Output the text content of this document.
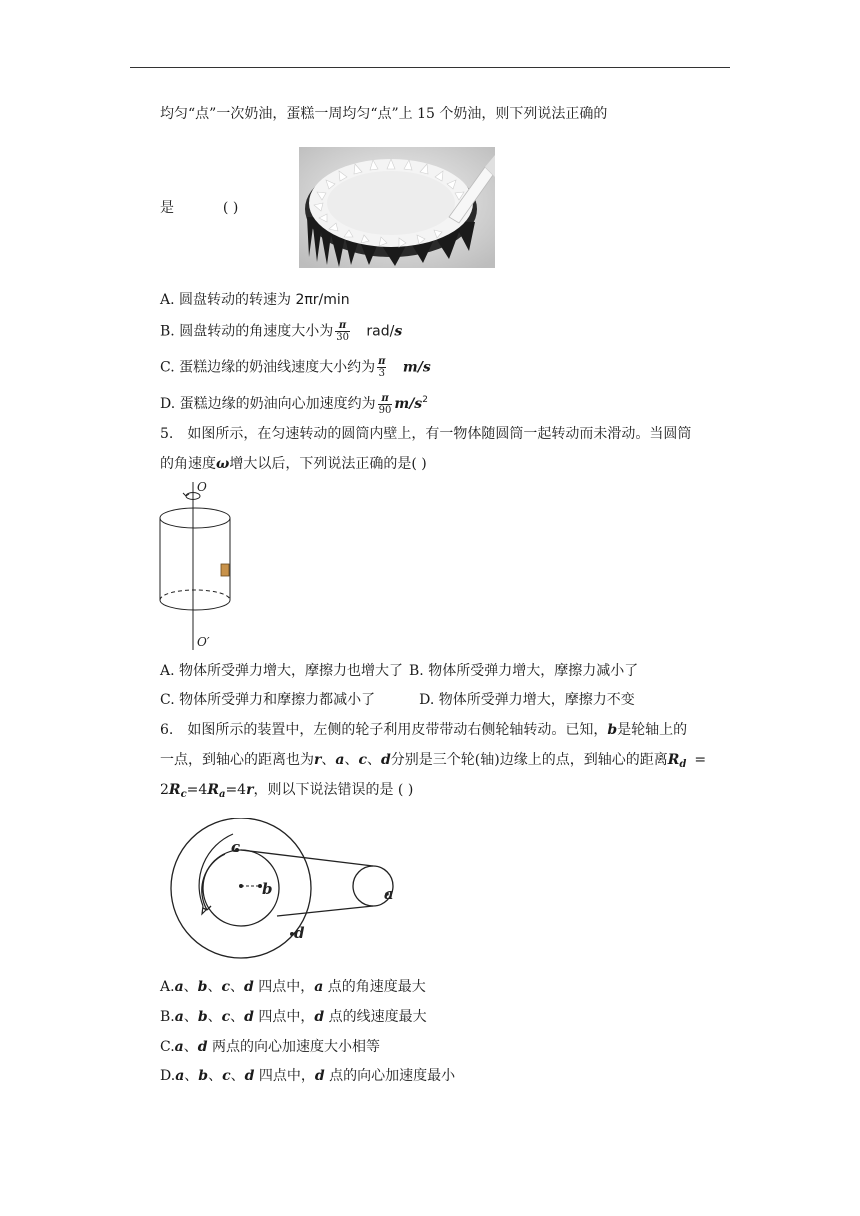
均匀“点”一次奶油，蛋糕一周均匀“点”上 15 个奶油，则下列说法正确的
是	( )
A. 圆盘转动的转速为 2πr/min
B. 圆盘转动的角速度大小为 $\frac{\pi}{30} rad/s$
C. 蛋糕边缘的奶油线速度大小约为 $\frac{\pi}{3} m/s$
D. 蛋糕边缘的奶油向心加速度约为 $\frac{\pi}{90} m/s^2$
5. 如图所示，在匀速转动的圆筒内壁上，有一物体随圆筒一起转动而未滑动。当圆筒
的角速度ω增大以后，下列说法正确的是( )
O
O′
A. 物体所受弹力增大，摩擦力也增大了 B. 物体所受弹力增大，摩擦力减小了
C. 物体所受弹力和摩擦力都减小了	D. 物体所受弹力增大，摩擦力不变
6. 如图所示的装置中，左侧的轮子利用皮带带动右侧轮轴转动。已知，b是轮轴上的
一点，到轴心的距离也为r、a、c、d分别是三个轮(轴)边缘上的点，到轴心的距离$R_d$ =
$2R_c=4R_a=4r$，则以下说法错误的是 ( )
c
b	a
d
A.a、b、c、d 四点中，a 点的角速度最大
B.a、b、c、d 四点中，d 点的线速度最大
C.a、d 两点的向心加速度大小相等
D.a、b、c、d 四点中，d 点的向心加速度最小
